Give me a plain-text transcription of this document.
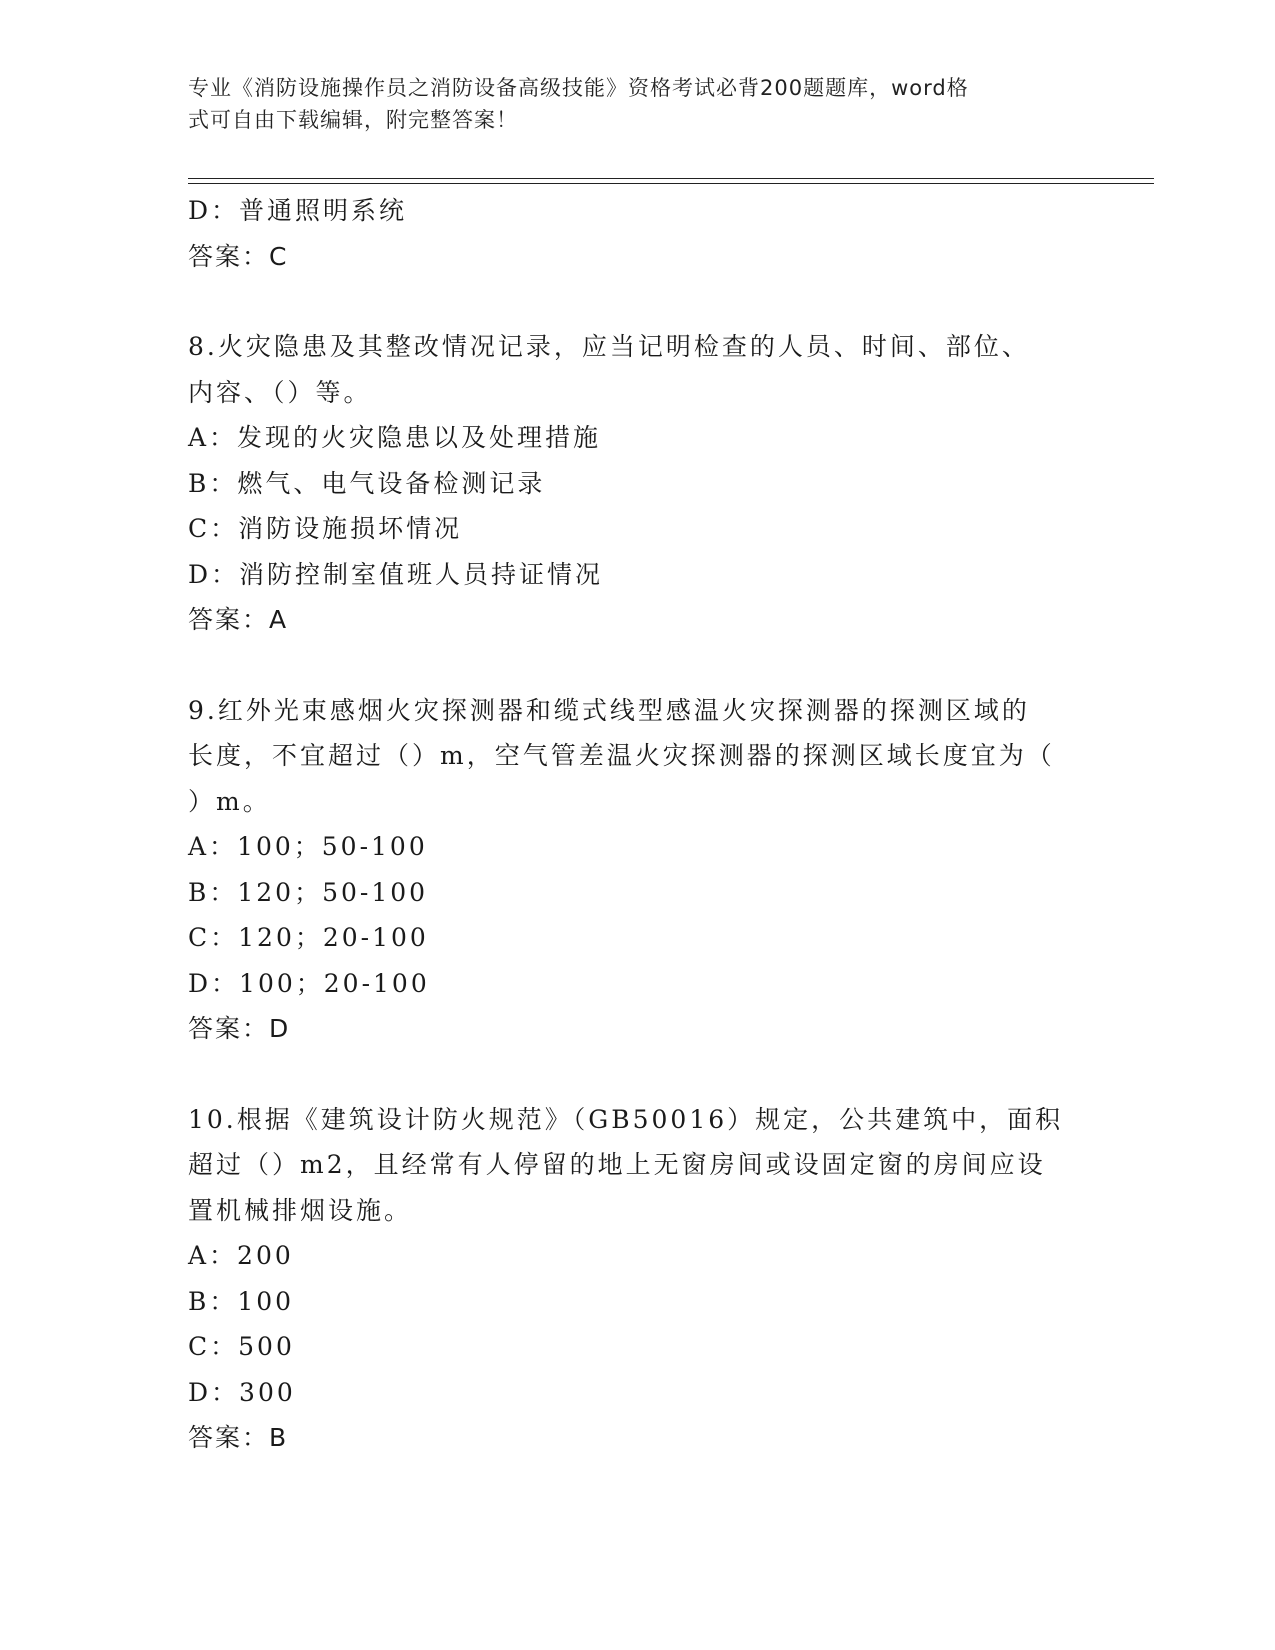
专业《消防设施操作员之消防设备高级技能》资格考试必背200题题库，word格
式可自由下载编辑，附完整答案！
D：普通照明系统
答案：C
8.火灾隐患及其整改情况记录，应当记明检查的人员、时间、部位、
内容、（）等。
A：发现的火灾隐患以及处理措施
B：燃气、电气设备检测记录
C：消防设施损坏情况
D：消防控制室值班人员持证情况
答案：A
9.红外光束感烟火灾探测器和缆式线型感温火灾探测器的探测区域的
长度，不宜超过（）m，空气管差温火灾探测器的探测区域长度宜为（
）m。
A：100；50-100
B：120；50-100
C：120；20-100
D：100；20-100
答案：D
10.根据《建筑设计防火规范》（GB50016）规定，公共建筑中，面积
超过（）m2，且经常有人停留的地上无窗房间或设固定窗的房间应设
置机械排烟设施。
A：200
B：100
C：500
D：300
答案：B
